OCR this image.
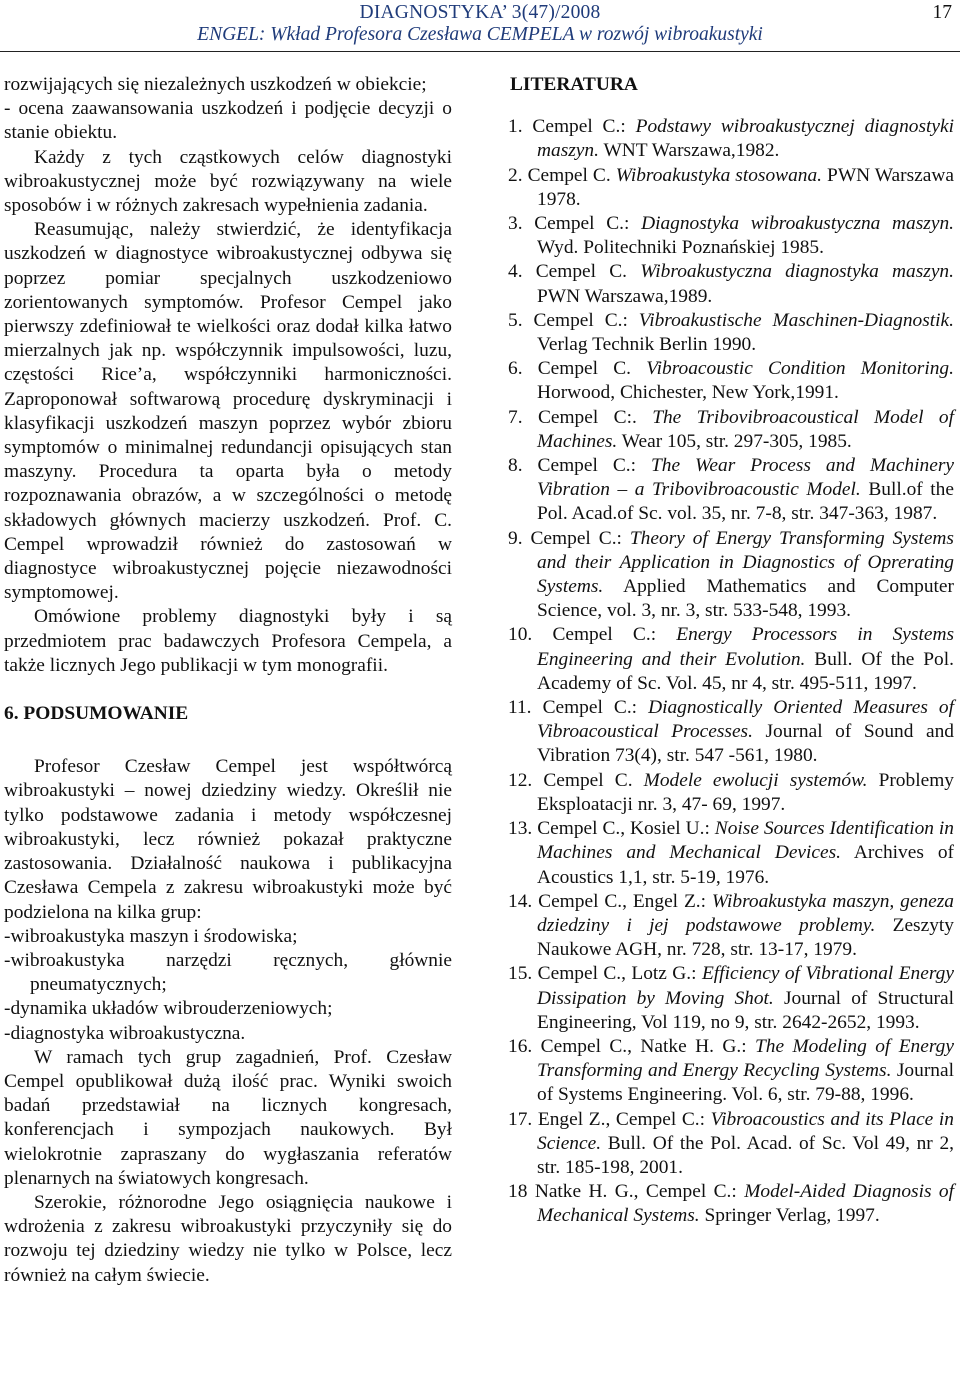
DIAGNOSTYKA’ 3(47)/2008
ENGEL: Wkład Profesora Czesława CEMPELA w rozwój wibroakustyki
17

rozwijających się niezależnych uszkodzeń w obiekcie;

- ocena zaawansowania uszkodzeń i podjęcie decyzji o stanie obiektu.

Każdy z tych cząstkowych celów diagnostyki wibroakustycznej może być rozwiązywany na wiele sposobów i w różnych zakresach wypełnienia zadania.

Reasumując, należy stwierdzić, że identyfikacja uszkodzeń w diagnostyce wibroakustycznej odbywa się poprzez pomiar specjalnych uszkodzeniowo zorientowanych symptomów. Profesor Cempel jako pierwszy zdefiniował te wielkości oraz dodał kilka łatwo mierzalnych jak np. współczynnik impulsowości, luzu, częstości Rice’a, współczynniki harmoniczności. Zaproponował softwarową procedurę dyskryminacji i klasyfikacji uszkodzeń maszyn poprzez wybór zbioru symptomów o minimalnej redundancji opisujących stan maszyny. Procedura ta oparta była o metody rozpoznawania obrazów, a w szczególności o metodę składowych głównych macierzy uszkodzeń. Prof. C. Cempel wprowadził również do zastosowań w diagnostyce wibroakustycznej pojęcie niezawodności symptomowej.

Omówione problemy diagnostyki były i są przedmiotem prac badawczych Profesora Cempela, a także licznych Jego publikacji w tym monografii.

6. PODSUMOWANIE

Profesor Czesław Cempel jest współtwórcą wibroakustyki – nowej dziedziny wiedzy. Określił nie tylko podstawowe zadania i metody współczesnej wibroakustyki, lecz również pokazał praktyczne zastosowania. Działalność naukowa i publikacyjna Czesława Cempela z zakresu wibroakustyki może być podzielona na kilka grup:

-wibroakustyka maszyn i środowiska;

-wibroakustyka narzędzi ręcznych, głównie pneumatycznych;

-dynamika układów wibrouderzeniowych;

-diagnostyka wibroakustyczna.

W ramach tych grup zagadnień, Prof. Czesław Cempel opublikował dużą ilość prac. Wyniki swoich badań przedstawiał na licznych kongresach, konferencjach i sympozjach naukowych. Był wielokrotnie zapraszany do wygłaszania referatów plenarnych na światowych kongresach.

Szerokie, różnorodne Jego osiągnięcia naukowe i wdrożenia z zakresu wibroakustyki przyczyniły się do rozwoju tej dziedziny wiedzy nie tylko w Polsce, lecz również na całym świecie.

LITERATURA

1. Cempel C.: Podstawy wibroakustycznej diagnostyki maszyn. WNT Warszawa,1982.

2. Cempel C. Wibroakustyka stosowana. PWN Warszawa 1978.

3. Cempel C.: Diagnostyka wibroakustyczna maszyn. Wyd. Politechniki Poznańskiej 1985.

4. Cempel C. Wibroakustyczna diagnostyka maszyn. PWN Warszawa,1989.

5. Cempel C.: Vibroakustische Maschinen-Diagnostik. Verlag Technik Berlin 1990.

6. Cempel C. Vibroacoustic Condition Monitoring. Horwood, Chichester, New York,1991.

7. Cempel C:. The Tribovibroacoustical Model of Machines. Wear 105, str. 297-305, 1985.

8. Cempel C.: The Wear Process and Machinery Vibration – a Tribovibroacoustic Model. Bull.of the Pol. Acad.of Sc. vol. 35, nr. 7-8, str. 347-363, 1987.

9. Cempel C.: Theory of Energy Transforming Systems and their Application in Diagnostics of Oprerating Systems. Applied Mathematics and Computer Science, vol. 3, nr. 3, str. 533-548, 1993.

10. Cempel C.: Energy Processors in Systems Engineering and their Evolution. Bull. Of the Pol. Academy of Sc. Vol. 45, nr 4, str. 495-511, 1997.

11. Cempel C.: Diagnostically Oriented Measures of Vibroacoustical Processes. Journal of Sound and Vibration 73(4), str. 547 -561, 1980.

12. Cempel C. Modele ewolucji systemów. Problemy Eksploatacji nr. 3, 47- 69, 1997.

13. Cempel C., Kosiel U.: Noise Sources Identification in Machines and Mechanical Devices. Archives of Acoustics 1,1, str. 5-19, 1976.

14. Cempel C., Engel Z.: Wibroakustyka maszyn, geneza dziedziny i jej podstawowe problemy. Zeszyty Naukowe AGH, nr. 728, str. 13-17, 1979.

15. Cempel C., Lotz G.: Efficiency of Vibrational Energy Dissipation by Moving Shot. Journal of Structural Engineering, Vol 119, no 9, str. 2642-2652, 1993.

16. Cempel C., Natke H. G.: The Modeling of Energy Transforming and Energy Recycling Systems. Journal of Systems Engineering. Vol. 6, str. 79-88, 1996.

17. Engel Z., Cempel C.: Vibroacoustics and its Place in Science. Bull. Of the Pol. Acad. of Sc. Vol 49, nr 2, str. 185-198, 2001.

18 Natke H. G., Cempel C.: Model-Aided Diagnosis of Mechanical Systems. Springer Verlag, 1997.
